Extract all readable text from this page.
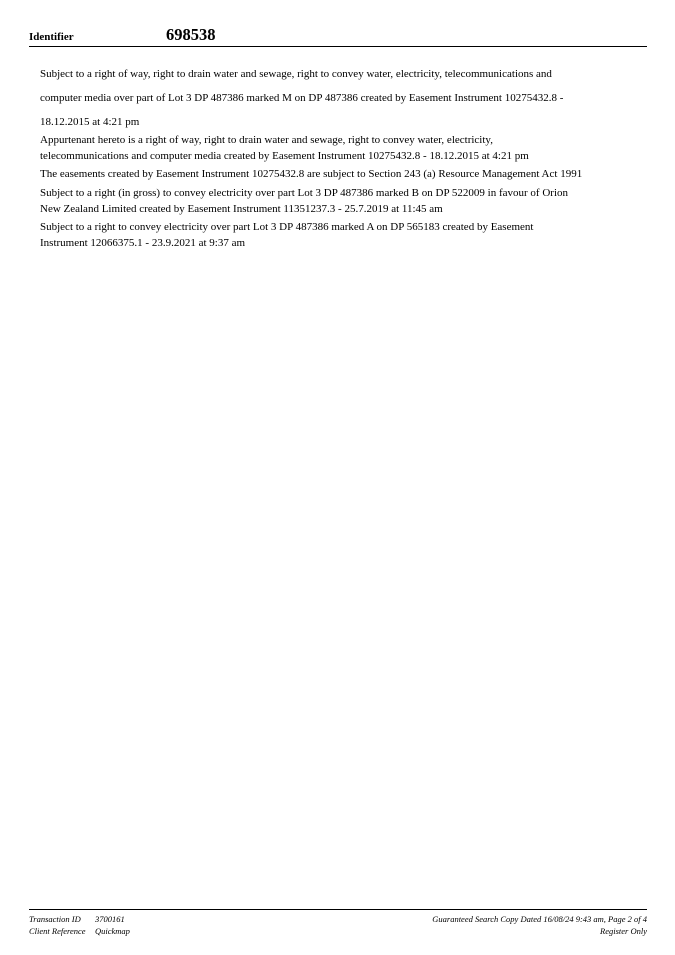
Identifier	698538
Subject to a right of way, right to drain water and sewage, right to convey water, electricity, telecommunications and
computer media over part of Lot 3 DP 487386 marked M on DP 487386 created by Easement Instrument 10275432.8 -
18.12.2015 at 4:21 pm
Appurtenant hereto is a right of way, right to drain water and sewage, right to convey water, electricity,
telecommunications and computer media created by Easement Instrument 10275432.8 - 18.12.2015 at 4:21 pm
The easements created by Easement Instrument 10275432.8 are subject to Section 243 (a) Resource Management Act 1991
Subject to a right (in gross) to convey electricity over part Lot 3 DP 487386 marked B on DP 522009 in favour of Orion
New Zealand Limited created by Easement Instrument 11351237.3 - 25.7.2019 at 11:45 am
Subject to a right to convey electricity over part Lot 3 DP 487386 marked A on DP 565183 created by Easement
Instrument 12066375.1 - 23.9.2021 at 9:37 am
Transaction ID 3700161
Client Reference Quickmap
Guaranteed Search Copy Dated 16/08/24 9:43 am, Page 2 of 4
Register Only
